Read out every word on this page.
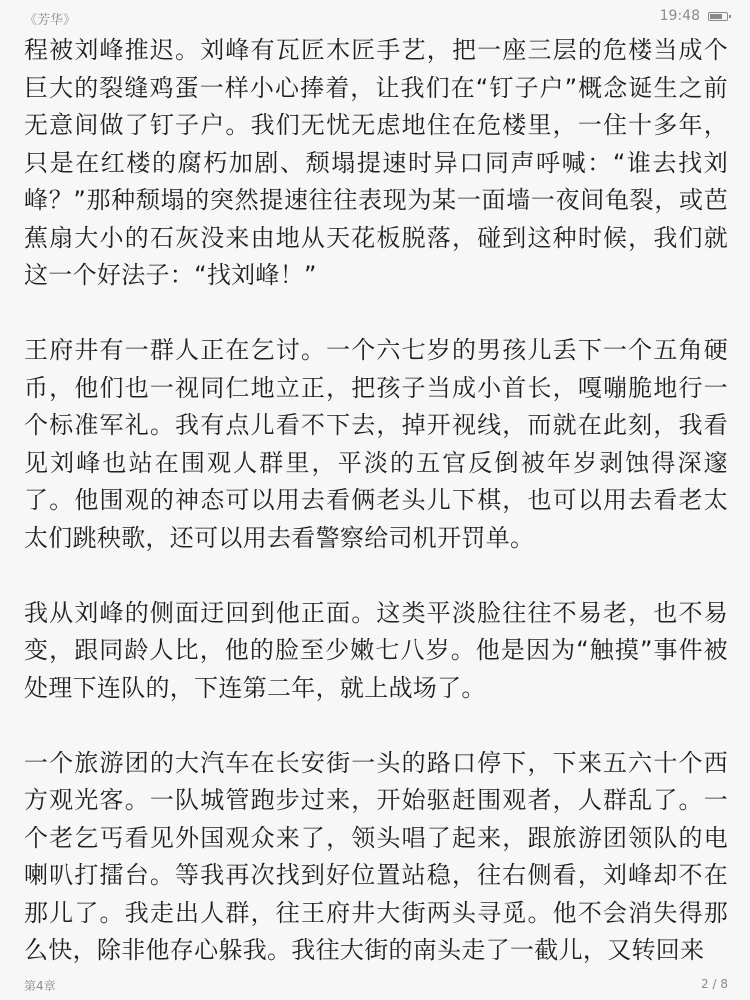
《芳华》	19:48

程被刘峰推迟。刘峰有瓦匠木匠手艺，把一座三层的危楼当成个巨大的裂缝鸡蛋一样小心捧着，让我们在“钉子户”概念诞生之前无意间做了钉子户。我们无忧无虑地住在危楼里，一住十多年，只是在红楼的腐朽加剧、颓塌提速时异口同声呼喊：“谁去找刘峰？”那种颓塌的突然提速往往表现为某一面墙一夜间龟裂，或芭蕉扇大小的石灰没来由地从天花板脱落，碰到这种时候，我们就这一个好法子：“找刘峰！”

王府井有一群人正在乞讨。一个六七岁的男孩儿丢下一个五角硬币，他们也一视同仁地立正，把孩子当成小首长，嘎嘣脆地行一个标准军礼。我有点儿看不下去，掉开视线，而就在此刻，我看见刘峰也站在围观人群里，平淡的五官反倒被年岁剥蚀得深邃了。他围观的神态可以用去看俩老头儿下棋，也可以用去看老太太们跳秧歌，还可以用去看警察给司机开罚单。

我从刘峰的侧面迂回到他正面。这类平淡脸往往不易老，也不易变，跟同龄人比，他的脸至少嫩七八岁。他是因为“触摸”事件被处理下连队的，下连第二年，就上战场了。

一个旅游团的大汽车在长安街一头的路口停下，下来五六十个西方观光客。一队城管跑步过来，开始驱赶围观者，人群乱了。一个老乞丐看见外国观众来了，领头唱了起来，跟旅游团领队的电喇叭打擂台。等我再次找到好位置站稳，往右侧看，刘峰却不在那儿了。我走出人群，往王府井大街两头寻觅。他不会消失得那么快，除非他存心躲我。我往大街的南头走了一截儿，又转回来

第4章	2 / 8
